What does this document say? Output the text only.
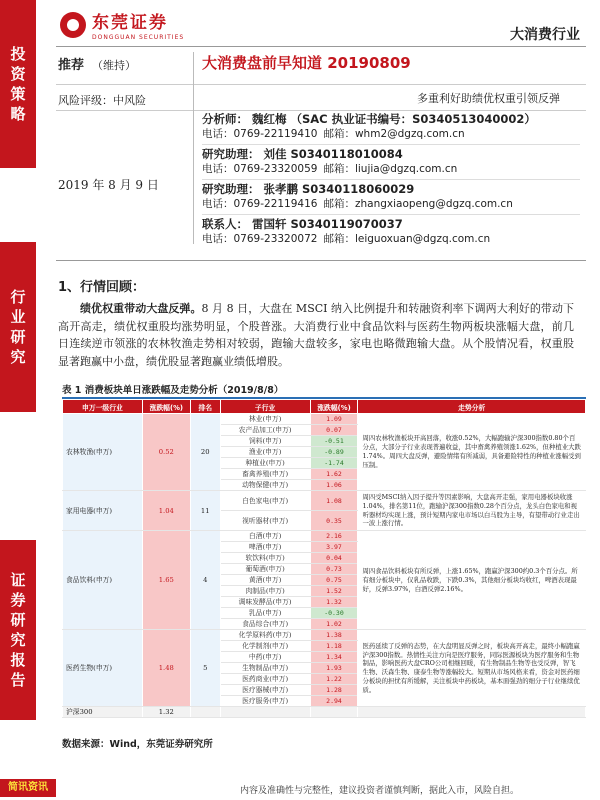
投资策略
行业研究
证券研究报告
东莞证券
DONGGUAN SECURITIES	大消费行业
推荐 （维持）
风险评级：中风险
大消费盘前早知道 20190809
多重利好助绩优权重引领反弹
2019 年 8 月 9 日
分析师： 魏红梅 （SAC 执业证书编号：S0340513040002）
电话：0769-22119410 邮箱：whm2@dgzq.com.cn
研究助理： 刘佳 S0340118010084
电话：0769-23320059 邮箱：liujia@dgzq.com.cn
研究助理： 张孝鹏 S0340118060029
电话：0769-22119416 邮箱：zhangxiaopeng@dgzq.com.cn
联系人： 雷国轩 S0340119070037
电话：0769-23320072 邮箱：leiguoxuan@dgzq.com.cn
1、行情回顾：
绩优权重带动大盘反弹。8 月 8 日，大盘在 MSCI 纳入比例提升和转融资利率下调两大利好的带动下高开高走，绩优权重股均涨势明显，个股普涨。大消费行业中食品饮料与医药生物两板块涨幅大盘，前几日连续逆市领涨的农林牧渔走势相对较弱，跑输大盘较多，家电也略微跑输大盘。从个股情况看，权重股显著跑赢中小盘，绩优股显著跑赢业绩低增股。
表 1 消费板块单日涨跌幅及走势分析（2019/8/8）
申万一级行业	涨跌幅(%)	排名	子行业	涨跌幅(%)	走势分析
农林牧渔(申万)	0.52	20	林业(申万)	1.09	周四农林牧渔板块开高回落，收涨0.52%，大幅跑输沪深300指数0.80个百分点，大部分子行业表现普遍收益，其中畜禽养殖领涨1.62%，但种植业大跌1.74%。周四大盘反弹，避险情绪有所减弱，具备避险特性的种植业涨幅受到压制。
			农产品加工(申万)	0.07	
			饲料(申万)	-0.51	
			渔业(申万)	-0.89	
			种植业(申万)	-1.74	
			畜禽养殖(申万)	1.62	
			动物保健(申万)	1.06	
家用电器(申万)	1.04	11	白色家电(申万)	1.08	周四受MSCI纳入因子提升等因素影响，大盘高开走强，家用电器板块收涨1.04%，排名第11位，跑输沪深300指数0.28个百分点，龙头白色家电和视听器材均实现上涨，预计短期内家电市场以白马股为主导，有望带动行业走出一波上涨行情。
			视听器材(申万)	0.35	
食品饮料(申万)	1.65	4	白酒(申万)	2.16	周四食品饮料板块有所反弹，上涨1.65%，跑赢沪深300约0.3个百分点。所有细分板块中，仅乳品收跌，下跌0.3%，其他细分板块均收红，啤酒表现最好，反弹3.97%，白酒反弹2.16%。
			啤酒(申万)	3.97	
			软饮料(申万)	0.04	
			葡萄酒(申万)	0.73	
			黄酒(申万)	0.75	
			肉制品(申万)	1.52	
			调味发酵品(申万)	1.32	
			乳品(申万)	-0.30	
			食品综合(申万)	1.02	
医药生物(申万)	1.48	5	化学原料药(申万)	1.38	医药延续了反弹的态势，在大盘明显反弹之时，板块高开高走，最终小幅跑赢沪深300指数。热情性关注方向是医疗服务，同际医源板块为医疗服务和生物制品，影响医药大盘CRO公司相继回暖，有生物制品生物等也受反弹，智飞生物、沃森生物、康泰生物等涨幅较大。短期从市场风格来看，资金对医药细分板块的担忧有所缓解，关注板块中药板块，基本面强劲的细分子行业继续优质。
			化学制剂(申万)	1.18	
			中药(申万)	1.34	
			生物制品(申万)	1.93	
			医药商业(申万)	1.22	
			医疗器械(申万)	1.28	
			医疗服务(申万)	2.94	
沪深300	1.32				
数据来源：Wind，东莞证券研究所
简讯资讯	内容及准确性与完整性，建议投资者谨慎判断，据此入市，风险自担。
